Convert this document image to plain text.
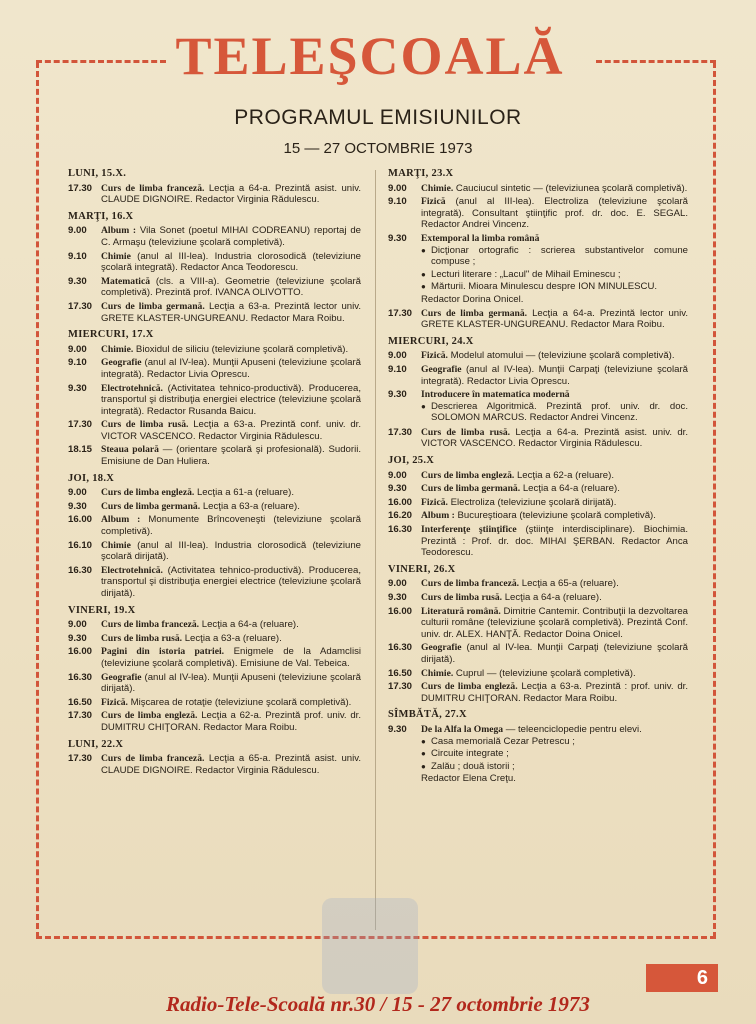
TELEŞCOALĂ
PROGRAMUL EMISIUNILOR
15 — 27 OCTOMBRIE 1973
LUNI, 15.X.
17.30 Curs de limba franceză. Lecţia a 64-a. Prezintă asist. univ. CLAUDE DIGNOIRE. Redactor Virginia Rădulescu.
MARŢI, 16.X
9.00	Album : Vila Sonet (poetul MIHAI CODREANU) reportaj de C. Armaşu (televiziune şcolară completivă).
9.10	Chimie (anul al III-lea). Industria clorosodică (televiziune şcolară integrată). Redactor Anca Teodorescu.
9.30	Matematică (cls. a VIII-a). Geometrie (televiziune şcolară completivă). Prezintă prof. IVANCA OLIVOTTO.
17.30 Curs de limba germană. Lecţia a 63-a. Prezintă lector univ. GRETE KLASTER-UNGUREANU. Redactor Mara Roibu.
MIERCURI, 17.X
9.00	Chimie. Bioxidul de siliciu (televiziune şcolară completivă).
9.10	Geografie (anul al IV-lea). Munţii Apuseni (televiziune şcolară integrată). Redactor Livia Oprescu.
9.30	Electrotehnică. (Activitatea tehnico-productivă). Producerea, transportul şi distribuţia energiei electrice (televiziune şcolară integrată). Redactor Rusanda Baicu.
17.30 Curs de limba rusă. Lecţia a 63-a. Prezintă conf. univ. dr. VICTOR VASCENCO. Redactor Virginia Rădulescu.
18.15 Steaua polară — (orientare şcolară şi profesională). Sudorii. Emisiune de Dan Huliera.
JOI, 18.X
9.00	Curs de limba engleză. Lecţia a 61-a (reluare).
9.30	Curs de limba germană. Lecţia a 63-a (reluare).
16.00 Album : Monumente Brîncoveneşti (televiziune şcolară completivă).
16.10 Chimie (anul al III-lea). Industria clorosodică (televiziune şcolară dirijată).
16.30 Electrotehnică. (Activitatea tehnico-productivă). Producerea, transportul şi distribuţia energiei electrice (televiziune şcolară dirijată).
VINERI, 19.X
9.00	Curs de limba franceză. Lecţia a 64-a (reluare).
9.30	Curs de limba rusă. Lecţia a 63-a (reluare).
16.00 Pagini din istoria patriei. Enigmele de la Adamclisi (televiziune şcolară completivă). Emisiune de Val. Tebeica.
16.30 Geografie (anul al IV-lea). Munţii Apuseni (televiziune şcolară dirijată).
16.50 Fizică. Mişcarea de rotaţie (televiziune şcolară completivă).
17.30 Curs de limba engleză. Lecţia a 62-a. Prezintă prof. univ. dr. DUMITRU CHIŢORAN. Redactor Mara Roibu.
LUNI, 22.X
17.30 Curs de limba franceză. Lecţia a 65-a. Prezintă asist. univ. CLAUDE DIGNOIRE. Redactor Virginia Rădulescu.
MARŢI, 23.X
9.00	Chimie. Cauciucul sintetic — (televiziunea şcolară completivă).
9.10	Fizică (anul al III-lea). Electroliza (televiziune şcolară integrată). Consultant ştiinţific prof. dr. doc. E. SEGAL. Redactor Andrei Vincenz.
9.30	Extemporal la limba română
● Dicţionar ortografic : scrierea substantivelor comune compuse ;
● Lecturi literare : „Lacul" de Mihail Eminescu ;
● Mărturii. Mioara Minulescu despre ION MINULESCU.
Redactor Dorina Onicel.
17.30 Curs de limba germană. Lecţia a 64-a. Prezintă lector univ. GRETE KLASTER-UNGUREANU. Redactor Mara Roibu.
MIERCURI, 24.X
9.00	Fizică. Modelul atomului — (televiziune şcolară completivă).
9.10	Geografie (anul al IV-lea). Munţii Carpaţi (televiziune şcolară integrată). Redactor Livia Oprescu.
9.30	Introducere în matematica modernă
● Descrierea Algoritmică. Prezintă prof. univ. dr. doc. SOLOMON MARCUS. Redactor Andrei Vincenz.
17.30 Curs de limba rusă. Lecţia a 64-a. Prezintă asist. univ. dr. VICTOR VASCENCO. Redactor Virginia Rădulescu.
JOI, 25.X
9.00	Curs de limba engleză. Lecţia a 62-a (reluare).
9.30	Curs de limba germană. Lecţia a 64-a (reluare).
16.00 Fizică. Electroliza (televiziune şcolară dirijată).
16.20 Album : Bucureştioara (televiziune şcolară completivă).
16.30 Interferenţe ştiinţifice (ştiinţe interdisciplinare). Biochimia. Prezintă : Prof. dr. doc. MIHAI ŞERBAN. Redactor Anca Teodorescu.
VINERI, 26.X
9.00	Curs de limba franceză. Lecţia a 65-a (reluare).
9.30	Curs de limba rusă. Lecţia a 64-a (reluare).
16.00 Literatură română. Dimitrie Cantemir. Contribuţii la dezvoltarea culturii române (televiziune şcolară completivă). Prezintă Conf. univ. dr. ALEX. HANŢĂ. Redactor Doina Onicel.
16.30 Geografie (anul al IV-lea. Munţii Carpaţi (televiziune şcolară dirijată).
16.50 Chimie. Cuprul — (televiziune şcolară completivă).
17.30 Curs de limba engleză. Lecţia a 63-a. Prezintă : prof. univ. dr. DUMITRU CHIŢORAN. Redactor Mara Roibu.
SÎMBĂTĂ, 27.X
9.30	De la Alfa la Omega — teleenciclopedie pentru elevi.
● Casa memorială Cezar Petrescu ;
● Circuite integrate ;
● Zalău ; două istorii ;
Redactor Elena Creţu.
6
Radio-Tele-Scoală nr.30 / 15 - 27 octombrie 1973
